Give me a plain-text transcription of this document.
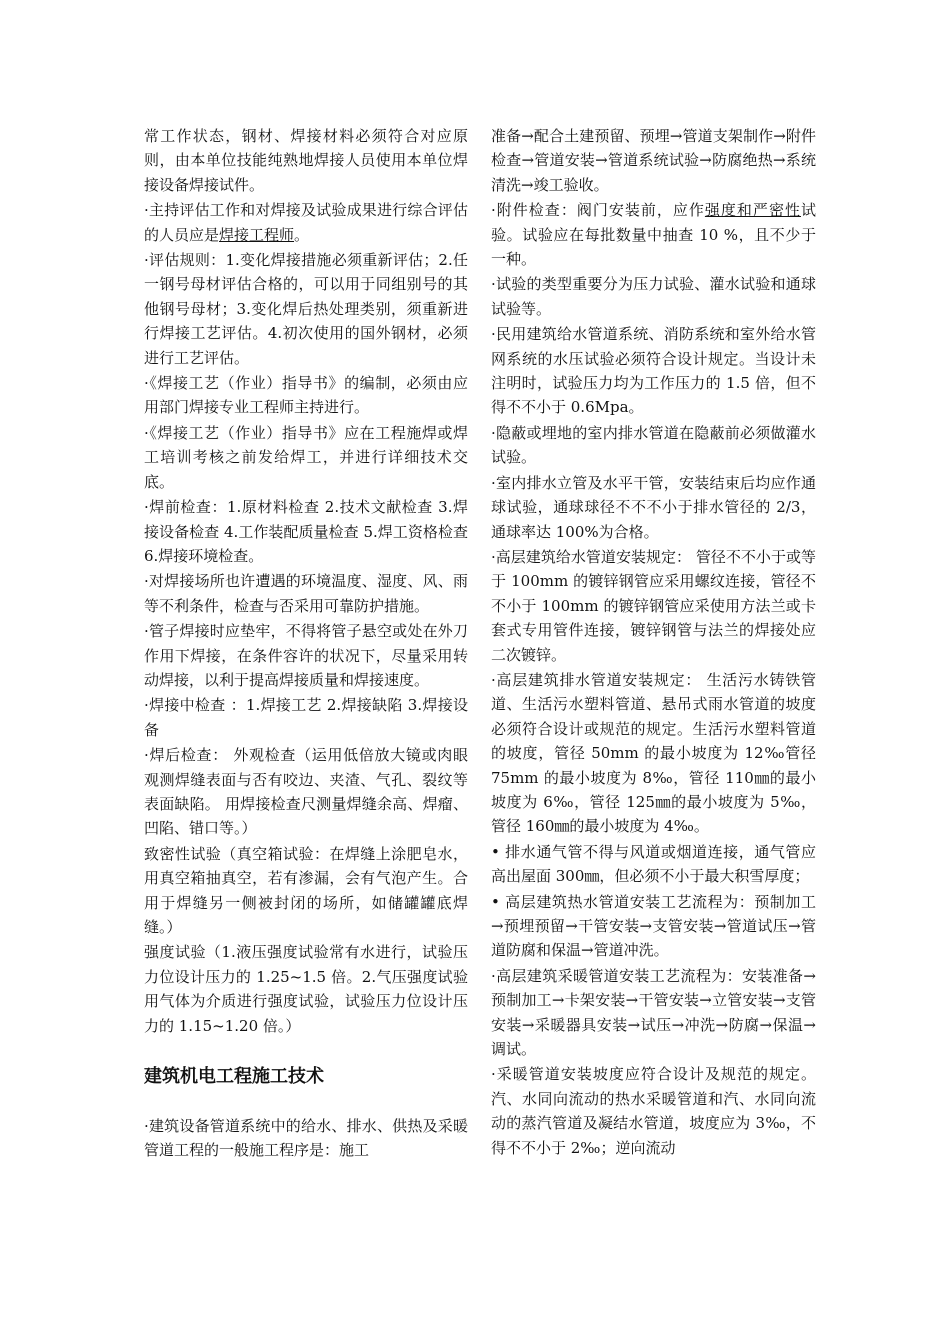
常工作状态，钢材、焊接材料必须符合对应原则，由本单位技能纯熟地焊接人员使用本单位焊接设备焊接试件。

·主持评估工作和对焊接及试验成果进行综合评估的人员应是焊接工程师。

·评估规则：1.变化焊接措施必须重新评估；2.任一钢号母材评估合格的，可以用于同组别号的其他钢号母材；3.变化焊后热处理类别，须重新进行焊接工艺评估。4.初次使用的国外钢材，必须进行工艺评估。

·《焊接工艺（作业）指导书》的编制，必须由应用部门焊接专业工程师主持进行。

·《焊接工艺（作业）指导书》应在工程施焊或焊工培训考核之前发给焊工，并进行详细技术交底。

·焊前检查：1.原材料检查 2.技术文献检查 3.焊接设备检查 4.工作装配质量检查 5.焊工资格检查 6.焊接环境检查。

·对焊接场所也许遭遇的环境温度、湿度、风、雨等不利条件，检查与否采用可靠防护措施。

·管子焊接时应垫牢，不得将管子悬空或处在外刀作用下焊接，在条件容许的状况下，尽量采用转动焊接，以利于提高焊接质量和焊接速度。

·焊接中检查 ：1.焊接工艺 2.焊接缺陷 3.焊接设备

·焊后检查： 外观检查（运用低倍放大镜或肉眼观测焊缝表面与否有咬边、夹渣、气孔、裂纹等表面缺陷。 用焊接检查尺测量焊缝余高、焊瘤、凹陷、错口等。）

致密性试验（真空箱试验：在焊缝上涂肥皂水，用真空箱抽真空，若有渗漏，会有气泡产生。合用于焊缝另一侧被封闭的场所，如储罐罐底焊缝。）

强度试验（1.液压强度试验常有水进行，试验压力位设计压力的 1.25~1.5 倍。2.气压强度试验用气体为介质进行强度试验，试验压力位设计压力的 1.15~1.20 倍。）

建筑机电工程施工技术

·建筑设备管道系统中的给水、排水、供热及采暖管道工程的一般施工程序是：施工

准备→配合土建预留、预埋→管道支架制作→附件检查→管道安装→管道系统试验→防腐绝热→系统清洗→竣工验收。

·附件检查：阀门安装前，应作强度和严密性试验。试验应在每批数量中抽查 10 %，且不少于一种。

·试验的类型重要分为压力试验、灌水试验和通球试验等。

·民用建筑给水管道系统、消防系统和室外给水管网系统的水压试验必须符合设计规定。当设计未注明时，试验压力均为工作压力的 1.5 倍，但不得不不小于 0.6Mpa。

·隐蔽或埋地的室内排水管道在隐蔽前必须做灌水试验。

·室内排水立管及水平干管，安装结束后均应作通球试验，通球球径不不不小于排水管径的 2/3，通球率达 100%为合格。

·高层建筑给水管道安装规定： 管径不不小于或等于 100mm 的镀锌钢管应采用螺纹连接，管径不不小于 100mm 的镀锌钢管应采使用方法兰或卡套式专用管件连接，镀锌钢管与法兰的焊接处应二次镀锌。

·高层建筑排水管道安装规定： 生活污水铸铁管道、生活污水塑料管道、悬吊式雨水管道的坡度必须符合设计或规范的规定。生活污水塑料管道的坡度，管径 50mm 的最小坡度为 12‰管径 75mm 的最小坡度为 8‰，管径 110㎜的最小坡度为 6‰，管径 125㎜的最小坡度为 5‰，管径 160㎜的最小坡度为 4‰。

• 排水通气管不得与风道或烟道连接，通气管应高出屋面 300㎜，但必须不小于最大积雪厚度；

• 高层建筑热水管道安装工艺流程为：预制加工→预埋预留→干管安装→支管安装→管道试压→管道防腐和保温→管道冲洗。

·高层建筑采暖管道安装工艺流程为：安装准备→预制加工→卡架安装→干管安装→立管安装→支管安装→采暖器具安装→试压→冲洗→防腐→保温→调试。

·采暖管道安装坡度应符合设计及规范的规定。 汽、水同向流动的热水采暖管道和汽、水同向流动的蒸汽管道及凝结水管道，坡度应为 3‰，不得不不小于 2‰；逆向流动
